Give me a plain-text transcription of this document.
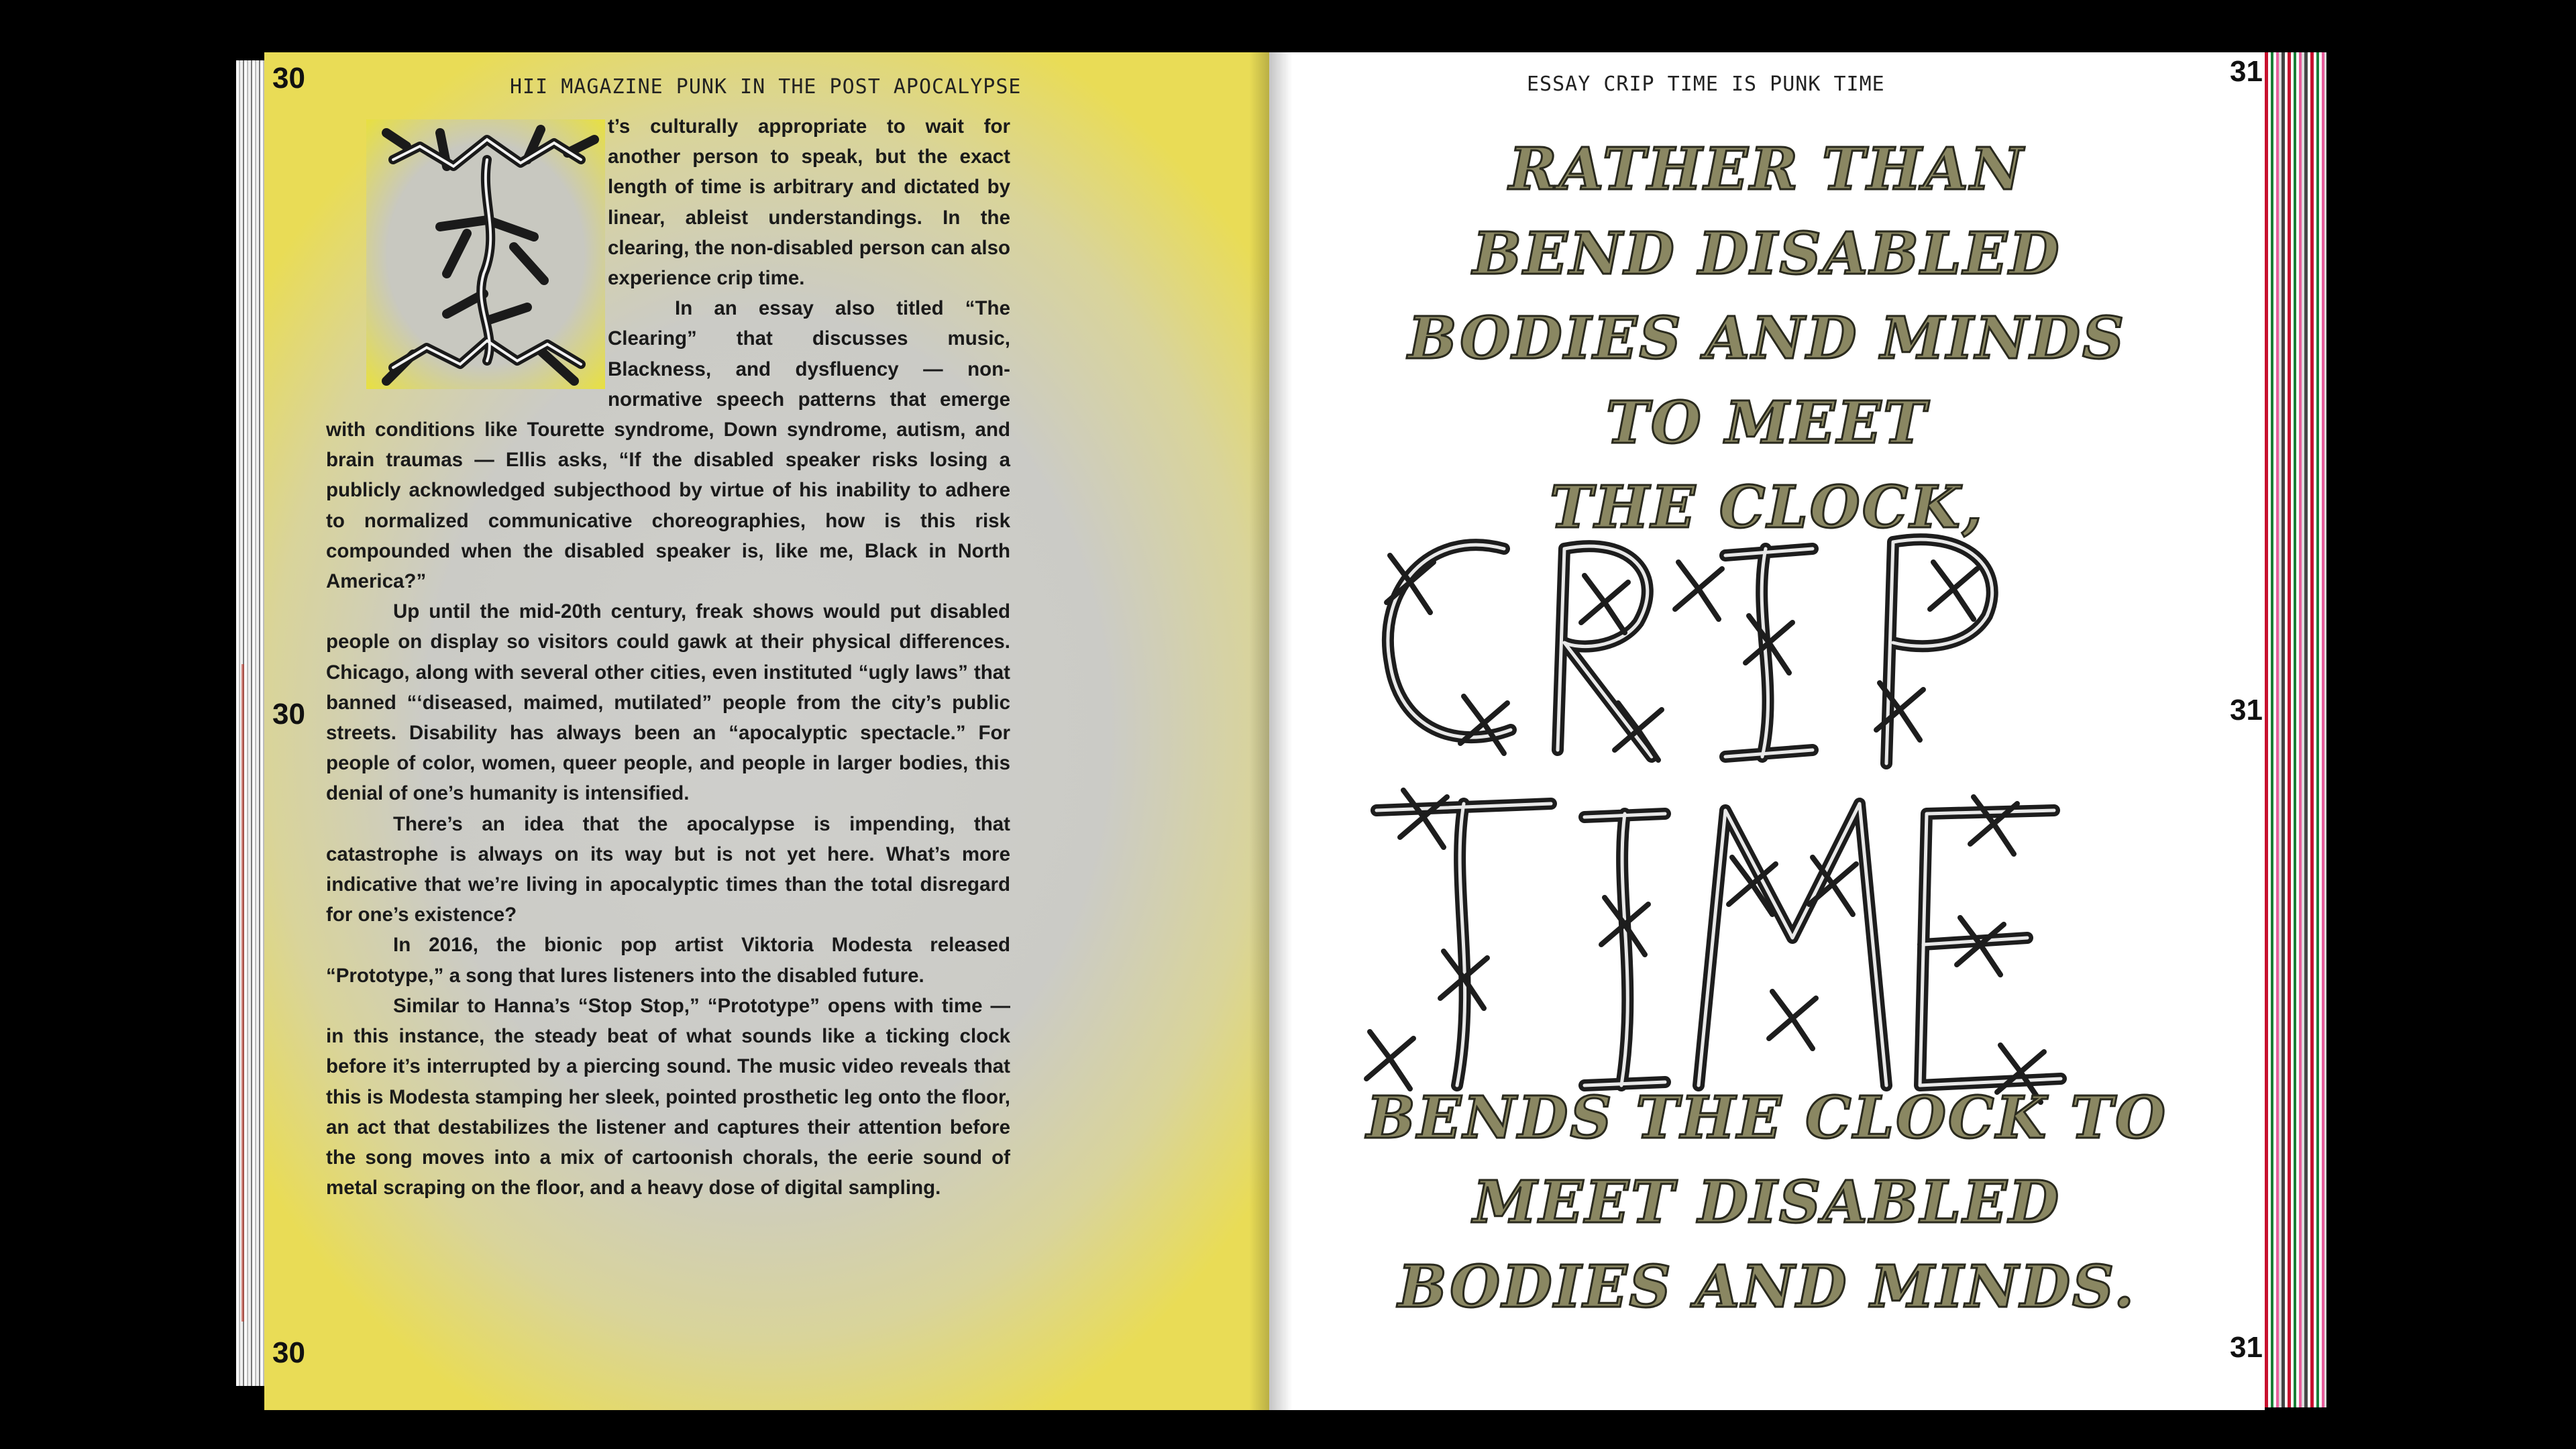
30
30
30
HII MAGAZINE PUNK IN THE POST APOCALYPSE

t’s culturally appropriate to wait for another person to speak, but the exact length of time is arbitrary and dictated by linear, ableist understandings. In the clearing, the non-disabled person can also experience crip time.

In an essay also titled “The Clearing” that discusses music, Blackness, and dysfluency — non-normative speech patterns that emerge with conditions like Tourette syndrome, Down syndrome, autism, and brain traumas — Ellis asks, “If the disabled speaker risks losing a publicly acknowledged subjecthood by virtue of his inability to adhere to normalized communicative choreographies, how is this risk compounded when the disabled speaker is, like me, Black in North America?”

Up until the mid-20th century, freak shows would put disabled people on display so visitors could gawk at their physical differences. Chicago, along with several other cities, even instituted “ugly laws” that banned “‘diseased, maimed, mutilated” people from the city’s public streets. Disability has always been an “apocalyptic spectacle.” For people of color, women, queer people, and people in larger bodies, this denial of one’s humanity is intensified.

There’s an idea that the apocalypse is impending, that catastrophe is always on its way but is not yet here. What’s more indicative that we’re living in apocalyptic times than the total disregard for one’s existence?

In 2016, the bionic pop artist Viktoria Modesta released “Prototype,” a song that lures listeners into the disabled future.

Similar to Hanna’s “Stop Stop,” “Prototype” opens with time — in this instance, the steady beat of what sounds like a ticking clock before it’s interrupted by a piercing sound. The music video reveals that this is Modesta stamping her sleek, pointed prosthetic leg onto the floor, an act that destabilizes the listener and captures their attention before the song moves into a mix of cartoonish chorals, the eerie sound of metal scraping on the floor, and a heavy dose of digital sampling.

ESSAY CRIP TIME IS PUNK TIME	31
31
31
RATHER THAN
BEND DISABLED
BODIES AND MINDS
TO MEET
THE CLOCK,
BENDS THE CLOCK TO
MEET DISABLED
BODIES AND MINDS.
